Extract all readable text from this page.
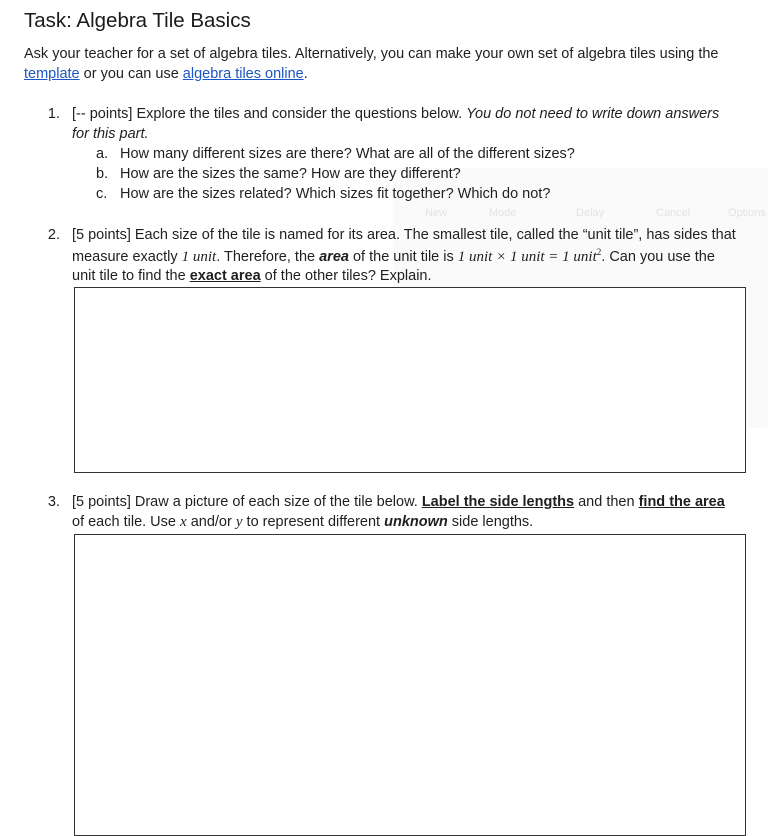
Task: Algebra Tile Basics
Ask your teacher for a set of algebra tiles. Alternatively, you can make your own set of algebra tiles using the
template or you can use algebra tiles online.
New	Mode	Delay	Cancel	Options
1. [-- points] Explore the tiles and consider the questions below. You do not need to write down answers
for this part.
a. How many different sizes are there? What are all of the different sizes?
b. How are the sizes the same? How are they different?
c. How are the sizes related? Which sizes fit together? Which do not?
2. [5 points] Each size of the tile is named for its area. The smallest tile, called the “unit tile”, has sides that
measure exactly 1 unit. Therefore, the area of the unit tile is 1 unit × 1 unit = 1 unit$^2$. Can you use the
unit tile to find the exact area of the other tiles? Explain.
3. [5 points] Draw a picture of each size of the tile below. Label the side lengths and then find the area
of each tile. Use x and/or y to represent different unknown side lengths.
